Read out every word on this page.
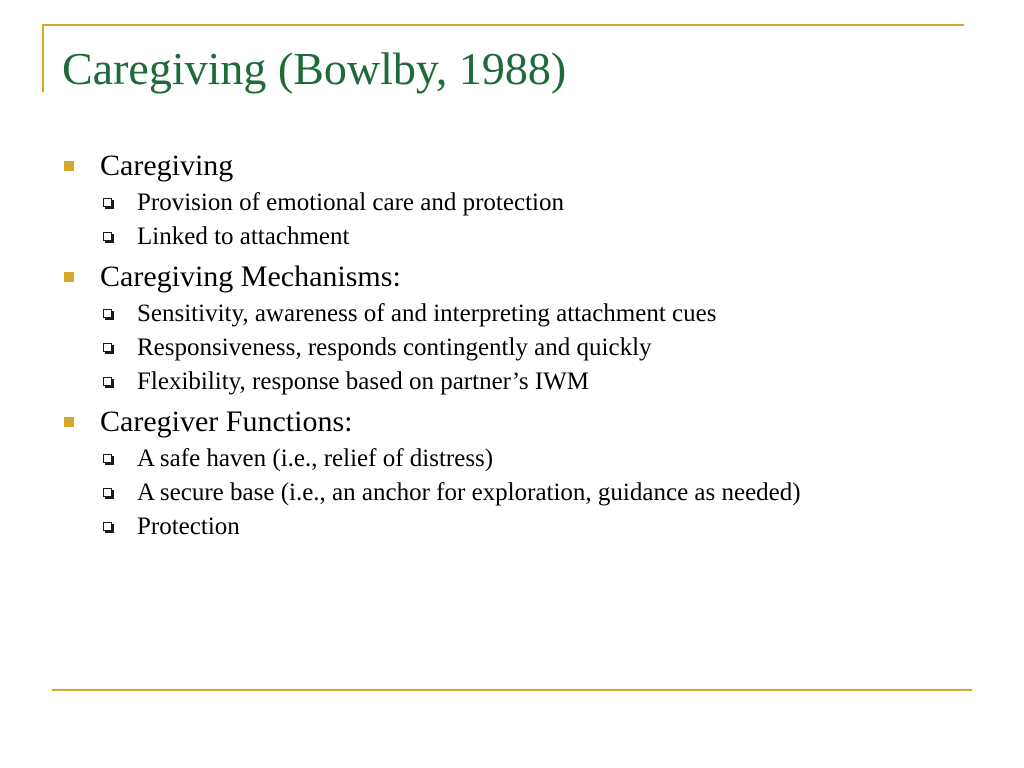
Caregiving (Bowlby, 1988)
Caregiving
Provision of emotional care and protection
Linked to attachment
Caregiving Mechanisms:
Sensitivity, awareness of and interpreting attachment cues
Responsiveness, responds contingently and quickly
Flexibility, response based on partner’s IWM
Caregiver Functions:
A safe haven (i.e., relief of distress)
A secure base (i.e., an anchor for exploration, guidance as needed)
Protection
